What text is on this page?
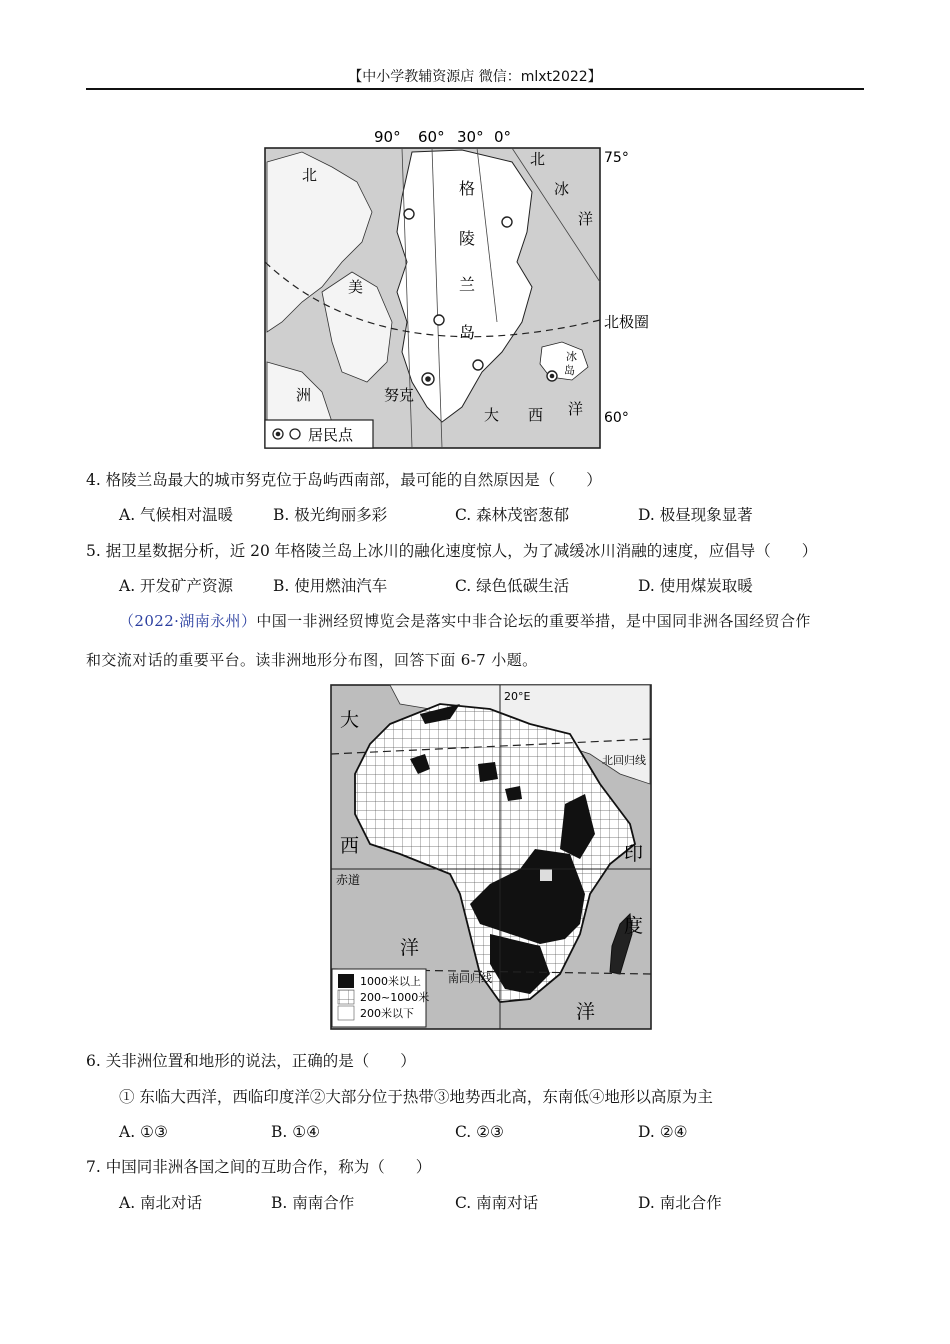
【中小学教辅资源店 微信：mlxt2022】
90° 60° 30° 0°
75°
60°
北极圈
北
冰
洋
北
美
洲
格
陵
兰
岛
努克
冰
岛
大 西 洋
居民点
4. 格陵兰岛最大的城市努克位于岛屿西南部，最可能的自然原因是（　　）
A. 气候相对温暖	B. 极光绚丽多彩	C. 森林茂密葱郁	D. 极昼现象显著
5. 据卫星数据分析，近 20 年格陵兰岛上冰川的融化速度惊人，为了减缓冰川消融的速度，应倡导（　　）
A. 开发矿产资源	B. 使用燃油汽车	C. 绿色低碳生活	D. 使用煤炭取暖
（2022·湖南永州）中国一非洲经贸博览会是落实中非合论坛的重要举措，是中国同非洲各国经贸合作
和交流对话的重要平台。读非洲地形分布图，回答下面 6-7 小题。
20°E
北回归线
南回归线
赤道
大
西
洋
印
度
洋
1000米以上
200~1000米
200米以下
6. 关非洲位置和地形的说法，正确的是（　　）
① 东临大西洋，西临印度洋②大部分位于热带③地势西北高，东南低④地形以高原为主
A. ①③	B. ①④	C. ②③	D. ②④
7. 中国同非洲各国之间的互助合作，称为（　　）
A. 南北对话	B. 南南合作	C. 南南对话	D. 南北合作
